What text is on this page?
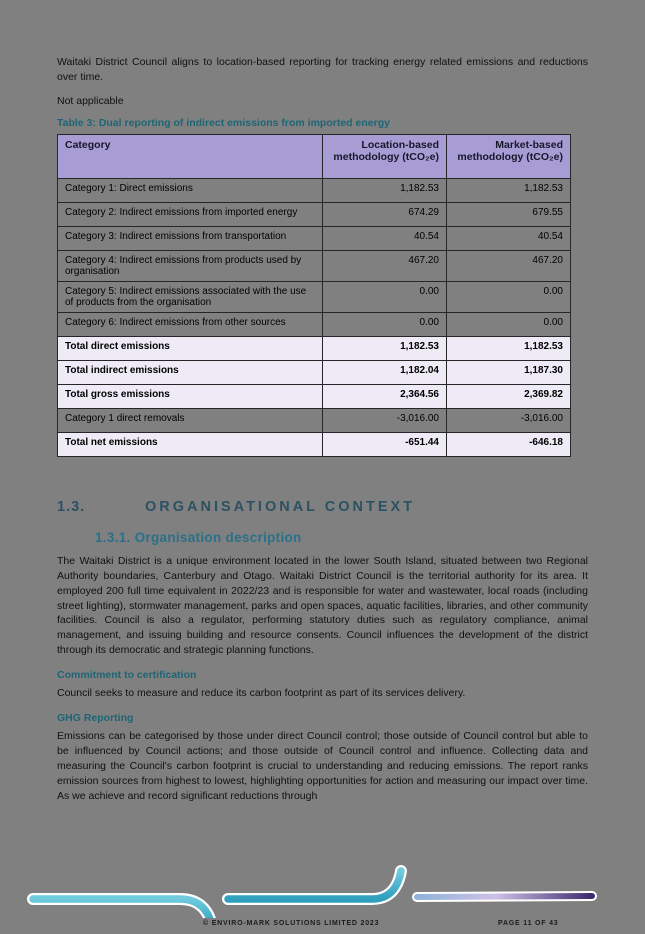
Waitaki District Council aligns to location-based reporting for tracking energy related emissions and reductions over time.

Not applicable

Table 3: Dual reporting of indirect emissions from imported energy

Category	Location-based methodology (tCO₂e)	Market-based methodology (tCO₂e)
Category 1: Direct emissions	1,182.53	1,182.53
Category 2: Indirect emissions from imported energy	674.29	679.55
Category 3: Indirect emissions from transportation	40.54	40.54
Category 4: Indirect emissions from products used by organisation	467.20	467.20
Category 5: Indirect emissions associated with the use of products from the organisation	0.00	0.00
Category 6: Indirect emissions from other sources	0.00	0.00
Total direct emissions	1,182.53	1,182.53
Total indirect emissions	1,182.04	1,187.30
Total gross emissions	2,364.56	2,369.82
Category 1 direct removals	-3,016.00	-3,016.00
Total net emissions	-651.44	-646.18
1.3.	ORGANISATIONAL CONTEXT
1.3.1. Organisation description

The Waitaki District is a unique environment located in the lower South Island, situated between two Regional Authority boundaries, Canterbury and Otago. Waitaki District Council is the territorial authority for its area. It employed 200 full time equivalent in 2022/23 and is responsible for water and wastewater, local roads (including street lighting), stormwater management, parks and open spaces, aquatic facilities, libraries, and other community facilities. Council is also a regulator, performing statutory duties such as regulatory compliance, animal management, and issuing building and resource consents. Council influences the development of the district through its democratic and strategic planning functions.

Commitment to certification

Council seeks to measure and reduce its carbon footprint as part of its services delivery.

GHG Reporting

Emissions can be categorised by those under direct Council control; those outside of Council control but able to be influenced by Council actions; and those outside of Council control and influence. Collecting data and measuring the Council's carbon footprint is crucial to understanding and reducing emissions. The report ranks emission sources from highest to lowest, highlighting opportunities for action and measuring our impact over time. As we achieve and record significant reductions through

© ENVIRO-MARK SOLUTIONS LIMITED 2023	PAGE 11 OF 43
